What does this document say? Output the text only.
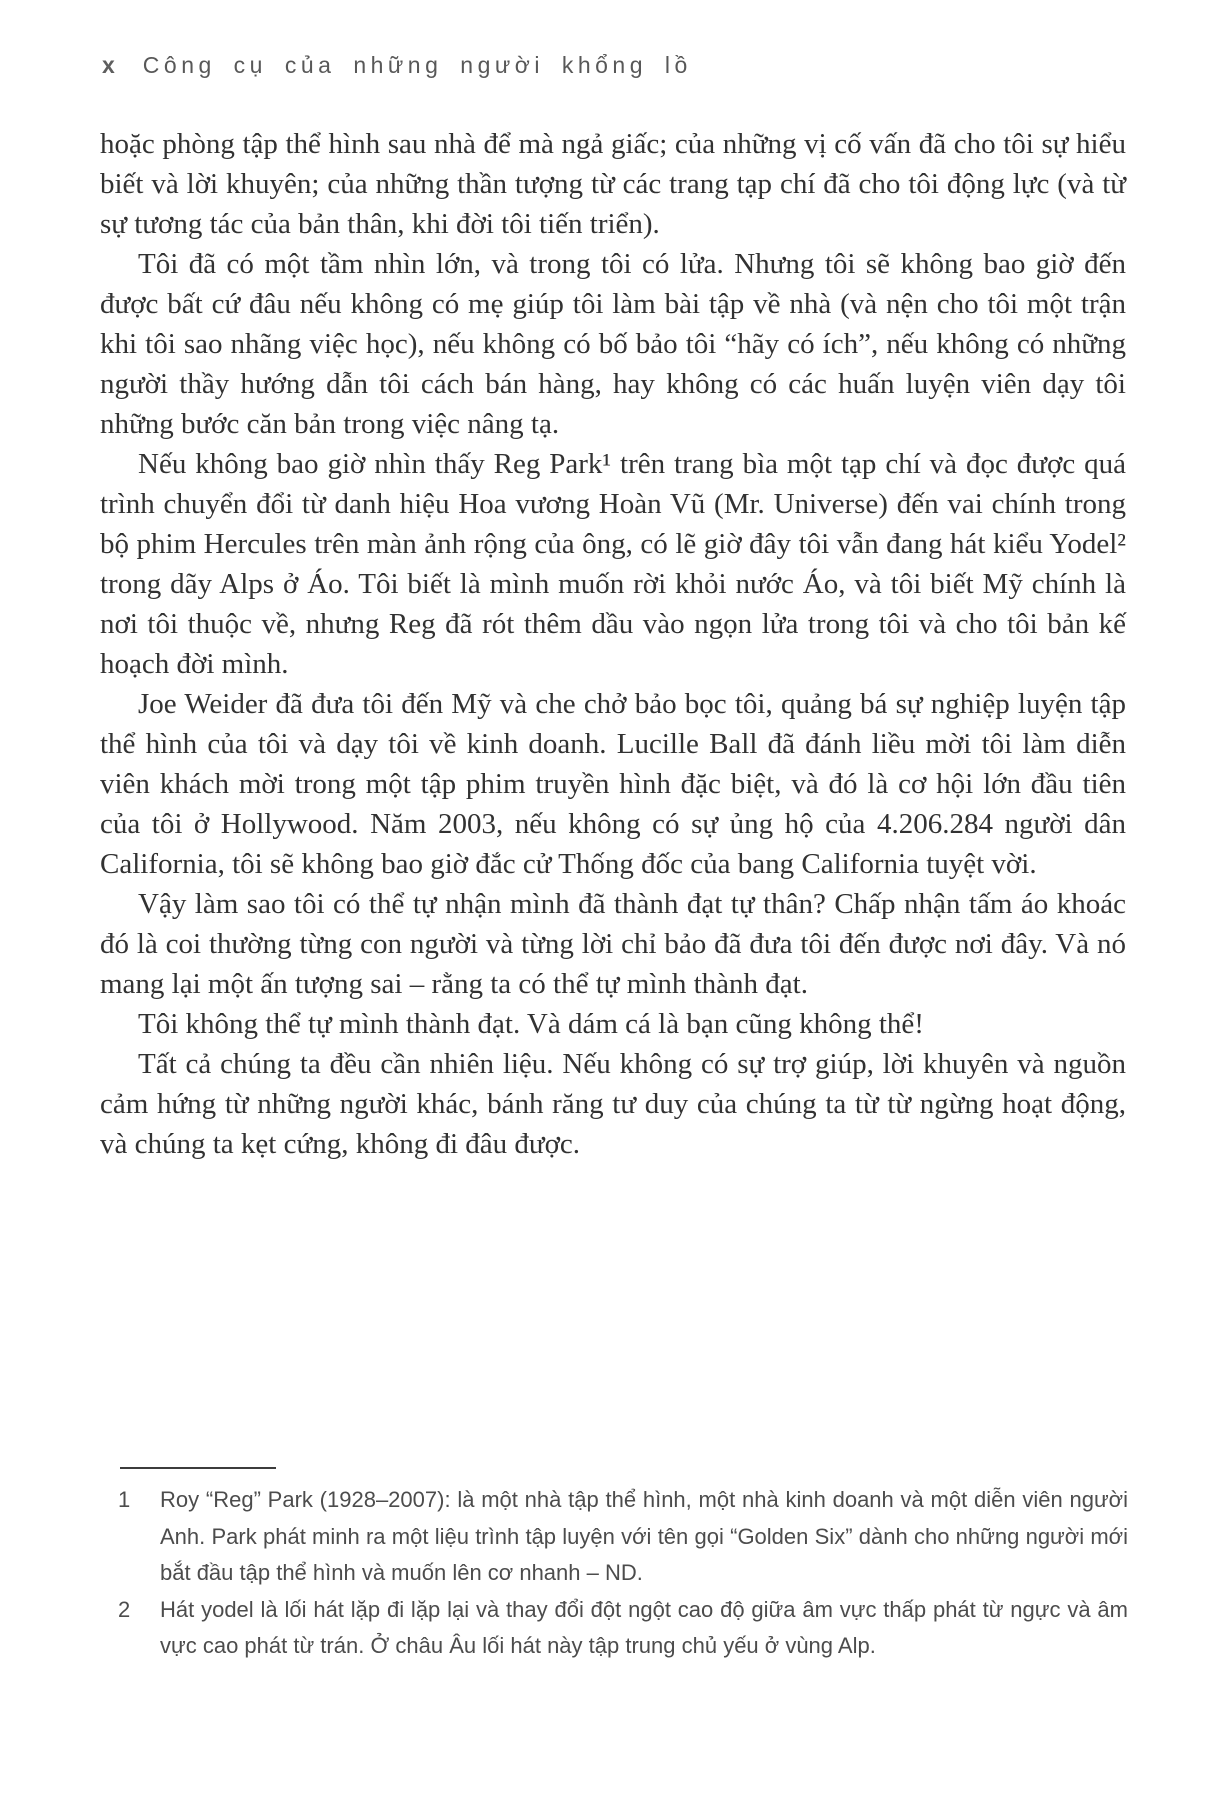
x Công cụ của những người khổng lồ

hoặc phòng tập thể hình sau nhà để mà ngả giấc; của những vị cố vấn đã cho tôi sự hiểu biết và lời khuyên; của những thần tượng từ các trang tạp chí đã cho tôi động lực (và từ sự tương tác của bản thân, khi đời tôi tiến triển).

Tôi đã có một tầm nhìn lớn, và trong tôi có lửa. Nhưng tôi sẽ không bao giờ đến được bất cứ đâu nếu không có mẹ giúp tôi làm bài tập về nhà (và nện cho tôi một trận khi tôi sao nhãng việc học), nếu không có bố bảo tôi “hãy có ích”, nếu không có những người thầy hướng dẫn tôi cách bán hàng, hay không có các huấn luyện viên dạy tôi những bước căn bản trong việc nâng tạ.

Nếu không bao giờ nhìn thấy Reg Park¹ trên trang bìa một tạp chí và đọc được quá trình chuyển đổi từ danh hiệu Hoa vương Hoàn Vũ (Mr. Universe) đến vai chính trong bộ phim Hercules trên màn ảnh rộng của ông, có lẽ giờ đây tôi vẫn đang hát kiểu Yodel² trong dãy Alps ở Áo. Tôi biết là mình muốn rời khỏi nước Áo, và tôi biết Mỹ chính là nơi tôi thuộc về, nhưng Reg đã rót thêm dầu vào ngọn lửa trong tôi và cho tôi bản kế hoạch đời mình.

Joe Weider đã đưa tôi đến Mỹ và che chở bảo bọc tôi, quảng bá sự nghiệp luyện tập thể hình của tôi và dạy tôi về kinh doanh. Lucille Ball đã đánh liều mời tôi làm diễn viên khách mời trong một tập phim truyền hình đặc biệt, và đó là cơ hội lớn đầu tiên của tôi ở Hollywood. Năm 2003, nếu không có sự ủng hộ của 4.206.284 người dân California, tôi sẽ không bao giờ đắc cử Thống đốc của bang California tuyệt vời.

Vậy làm sao tôi có thể tự nhận mình đã thành đạt tự thân? Chấp nhận tấm áo khoác đó là coi thường từng con người và từng lời chỉ bảo đã đưa tôi đến được nơi đây. Và nó mang lại một ấn tượng sai – rằng ta có thể tự mình thành đạt.

Tôi không thể tự mình thành đạt. Và dám cá là bạn cũng không thể!

Tất cả chúng ta đều cần nhiên liệu. Nếu không có sự trợ giúp, lời khuyên và nguồn cảm hứng từ những người khác, bánh răng tư duy của chúng ta từ từ ngừng hoạt động, và chúng ta kẹt cứng, không đi đâu được.

1	Roy “Reg” Park (1928–2007): là một nhà tập thể hình, một nhà kinh doanh và một diễn viên người Anh. Park phát minh ra một liệu trình tập luyện với tên gọi “Golden Six” dành cho những người mới bắt đầu tập thể hình và muốn lên cơ nhanh – ND.
2	Hát yodel là lối hát lặp đi lặp lại và thay đổi đột ngột cao độ giữa âm vực thấp phát từ ngực và âm vực cao phát từ trán. Ở châu Âu lối hát này tập trung chủ yếu ở vùng Alp.
